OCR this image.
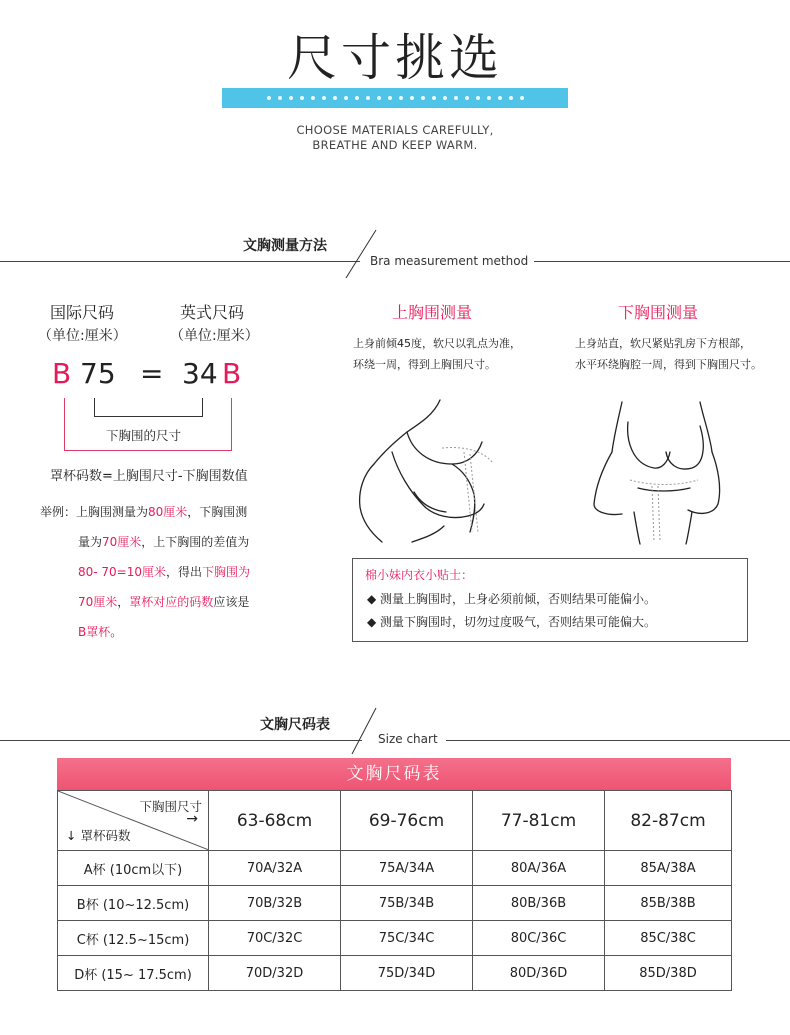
尺寸挑选
CHOOSE MATERIALS CAREFULLY,
BREATHE AND KEEP WARM.
文胸测量方法
Bra measurement method
国际尺码
（单位:厘米）
英式尺码
（单位:厘米）
B 75 = 34 B
下胸围的尺寸
罩杯码数=上胸围尺寸-下胸围数值
举例：上胸围测量为80厘米，下胸围测
量为70厘米，上下胸围的差值为
80- 70=10厘米，得出下胸围为
70厘米，罩杯对应的码数应该是
B罩杯。
上胸围测量
上身前倾45度，软尺以乳点为准，
环绕一周，得到上胸围尺寸。
下胸围测量
上身站直，软尺紧贴乳房下方根部，
水平环绕胸腔一周，得到下胸围尺寸。
棉小妹内衣小贴士：
◆ 测量上胸围时，上身必须前倾，否则结果可能偏小。
◆ 测量下胸围时，切勿过度吸气，否则结果可能偏大。
文胸尺码表
Size chart
文胸尺码表
下胸围尺寸
→
↓ 罩杯码数	63-68cm	69-76cm	77-81cm	82-87cm
A杯 (10cm以下)	70A/32A	75A/34A	80A/36A	85A/38A
B杯 (10~12.5cm)	70B/32B	75B/34B	80B/36B	85B/38B
C杯 (12.5~15cm)	70C/32C	75C/34C	80C/36C	85C/38C
D杯 (15~ 17.5cm)	70D/32D	75D/34D	80D/36D	85D/38D
